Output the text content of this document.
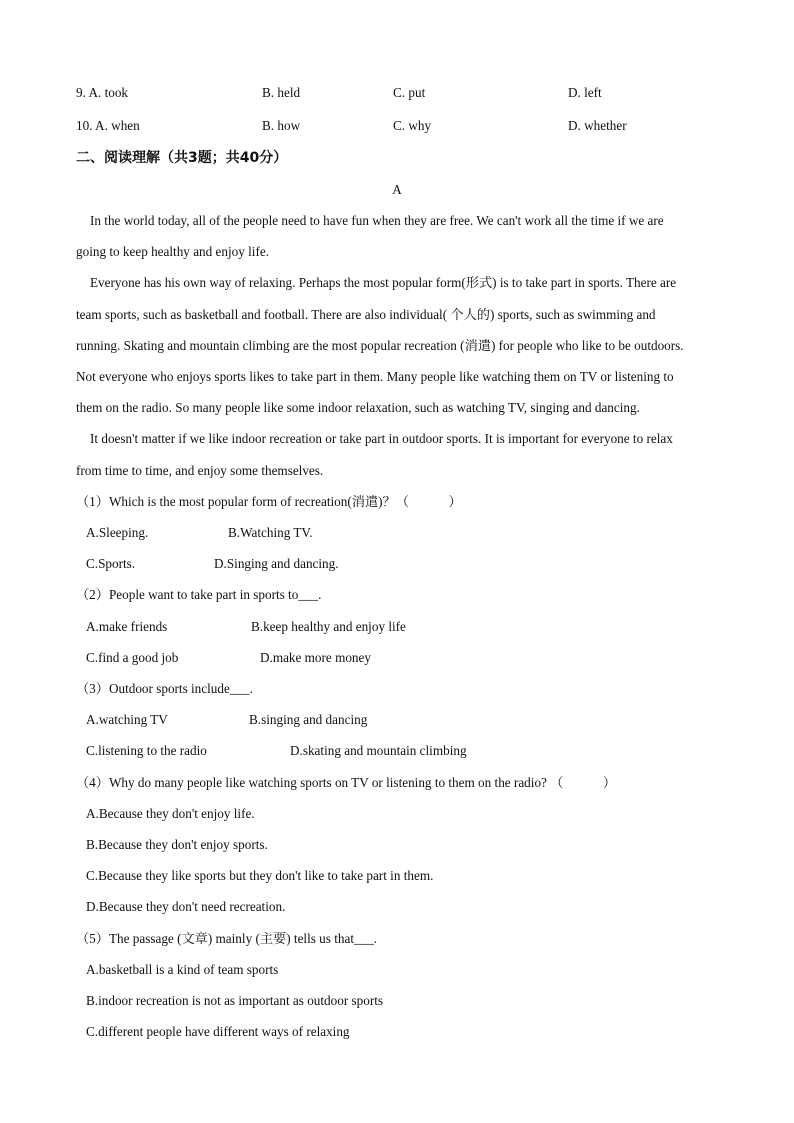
9. A. took	B. held	C. put	D. left
10. A. when	B. how	C. why	D. whether
二、阅读理解（共3题；共40分）
A
In the world today, all of the people need to have fun when they are free. We can't work all the time if we are
going to keep healthy and enjoy life.
Everyone has his own way of relaxing. Perhaps the most popular form(形式) is to take part in sports. There are
team sports, such as basketball and football. There are also individual( 个人的) sports, such as swimming and
running. Skating and mountain climbing are the most popular recreation (消遣) for people who like to be outdoors.
Not everyone who enjoys sports likes to take part in them. Many people like watching them on TV or listening to
them on the radio. So many people like some indoor relaxation, such as watching TV, singing and dancing.
It doesn't matter if we like indoor recreation or take part in outdoor sports. It is important for everyone to relax
from time to time, and enjoy some themselves.
（1）Which is the most popular form of recreation(消遣)？（　　　）
A.Sleeping.	B.Watching TV.
C.Sports.	D.Singing and dancing.
（2）People want to take part in sports to___.
A.make friends	B.keep healthy and enjoy life
C.find a good job	D.make more money
（3）Outdoor sports include___.
A.watching TV	B.singing and dancing
C.listening to the radio	D.skating and mountain climbing
（4）Why do many people like watching sports on TV or listening to them on the radio? （　　　）
A.Because they don't enjoy life.
B.Because they don't enjoy sports.
C.Because they like sports but they don't like to take part in them.
D.Because they don't need recreation.
（5）The passage (文章) mainly (主要) tells us that___.
A.basketball is a kind of team sports
B.indoor recreation is not as important as outdoor sports
C.different people have different ways of relaxing
